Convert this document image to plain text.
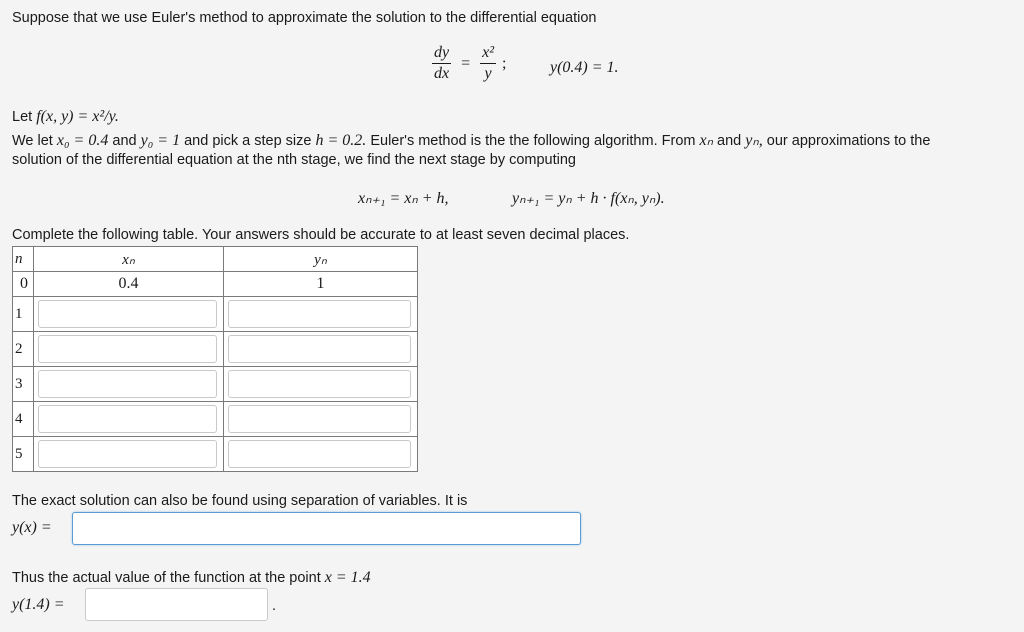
Suppose that we use Euler's method to approximate the solution to the differential equation
$\frac{dy}{dx} = \frac{\text{x²}}{y}$ ;	y(0.4) = 1.
Let f(x, y) = x²/y.
We let x₀ = 0.4 and y₀ = 1 and pick a step size h = 0.2. Euler's method is the the following algorithm. From xₙ and yₙ, our approximations to the
solution of the differential equation at the nth stage, we find the next stage by computing
xₙ₊₁ = xₙ + h,	yₙ₊₁ = yₙ + h · f(xₙ, yₙ).
Complete the following table. Your answers should be accurate to at least seven decimal places.
n	xₙ	yₙ
0	0.4	1
1		
2		
3		
4		
5		
The exact solution can also be found using separation of variables. It is
y(x) =
Thus the actual value of the function at the point x = 1.4
y(1.4) =	.
